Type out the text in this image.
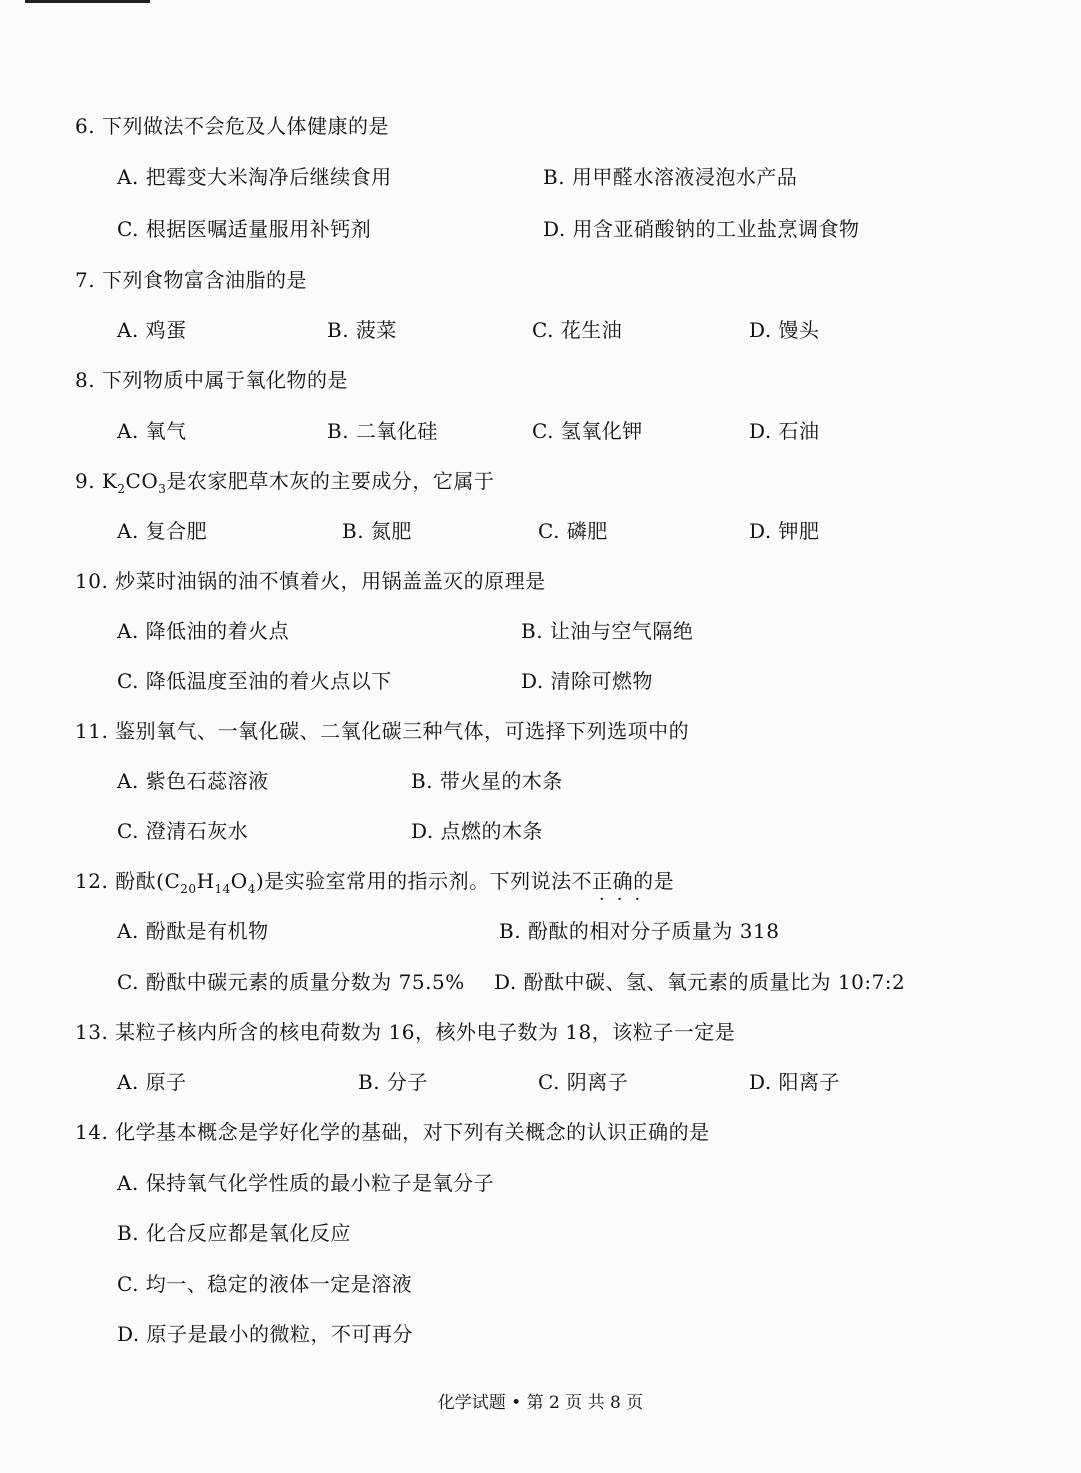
6. 下列做法不会危及人体健康的是
A. 把霉变大米淘净后继续食用	B. 用甲醛水溶液浸泡水产品
C. 根据医嘱适量服用补钙剂	D. 用含亚硝酸钠的工业盐烹调食物
7. 下列食物富含油脂的是
A. 鸡蛋	B. 菠菜	C. 花生油	D. 馒头
8. 下列物质中属于氧化物的是
A. 氧气	B. 二氧化硅	C. 氢氧化钾	D. 石油
9. $K_2CO_3$是农家肥草木灰的主要成分，它属于
A. 复合肥	B. 氮肥	C. 磷肥	D. 钾肥
10. 炒菜时油锅的油不慎着火，用锅盖盖灭的原理是
A. 降低油的着火点	B. 让油与空气隔绝
C. 降低温度至油的着火点以下	D. 清除可燃物
11. 鉴别氧气、一氧化碳、二氧化碳三种气体，可选择下列选项中的
A. 紫色石蕊溶液	B. 带火星的木条
C. 澄清石灰水	D. 点燃的木条
12. 酚酞$(C_{20}H_{14}O_4)$是实验室常用的指示剂。下列说法不正确的是
···
A. 酚酞是有机物	B. 酚酞的相对分子质量为 318
C. 酚酞中碳元素的质量分数为 75.5% D. 酚酞中碳、氢、氧元素的质量比为 10:7:2
13. 某粒子核内所含的核电荷数为 16，核外电子数为 18，该粒子一定是
A. 原子	B. 分子	C. 阴离子	D. 阳离子
14. 化学基本概念是学好化学的基础，对下列有关概念的认识正确的是
A. 保持氧气化学性质的最小粒子是氧分子
B. 化合反应都是氧化反应
C. 均一、稳定的液体一定是溶液
D. 原子是最小的微粒，不可再分
化学试题 • 第 2 页 共 8 页
